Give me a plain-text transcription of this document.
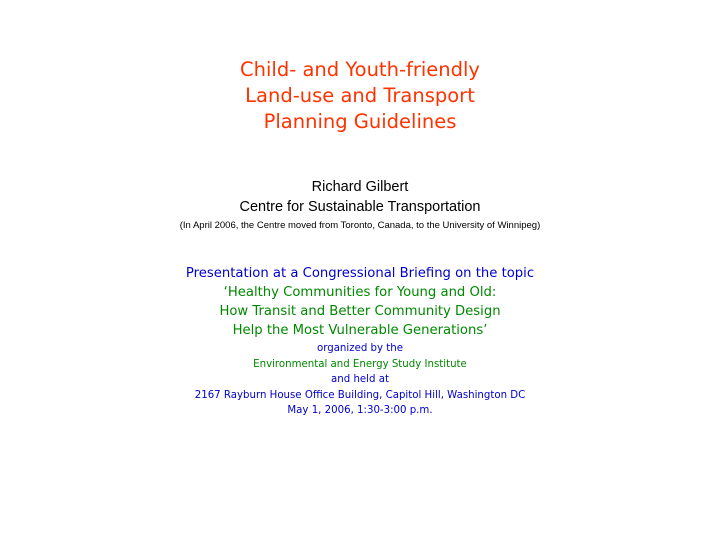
Child- and Youth-friendly
Land-use and Transport
Planning Guidelines
Richard Gilbert
Centre for Sustainable Transportation
(In April 2006, the Centre moved from Toronto, Canada, to the University of Winnipeg)
Presentation at a Congressional Briefing on the topic
‘Healthy Communities for Young and Old:
How Transit and Better Community Design
Help the Most Vulnerable Generations’
organized by the
Environmental and Energy Study Institute
and held at
2167 Rayburn House Office Building, Capitol Hill, Washington DC
May 1, 2006, 1:30-3:00 p.m.
